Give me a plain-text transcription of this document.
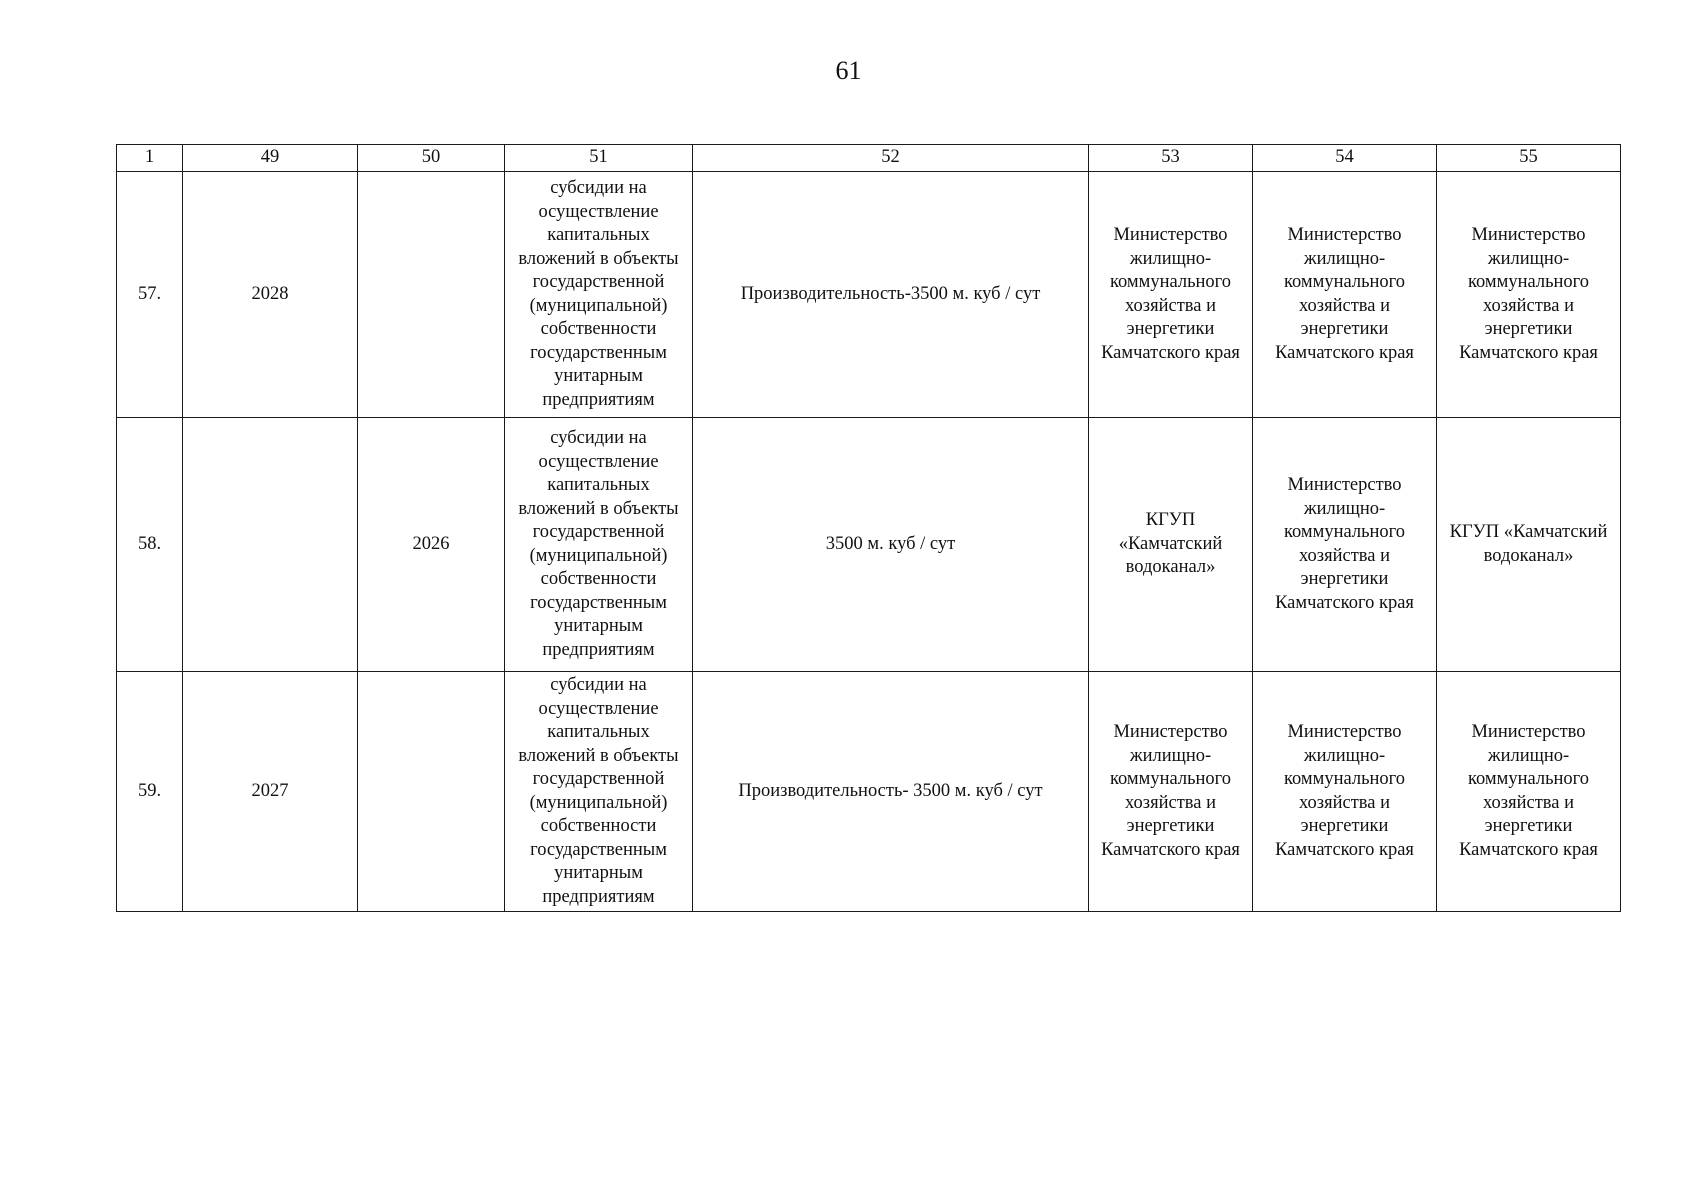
61
1	49	50	51	52	53	54	55
57.	2028		субсидии на осуществление капитальных вложений в объекты государственной (муниципальной) собственности государственным унитарным предприятиям	Производительность-3500 м. куб / сут	Министерство жилищно-коммунального хозяйства и энергетики Камчатского края	Министерство жилищно-коммунального хозяйства и энергетики Камчатского края	Министерство жилищно-коммунального хозяйства и энергетики Камчатского края
58.		2026	субсидии на осуществление капитальных вложений в объекты государственной (муниципальной) собственности государственным унитарным предприятиям	3500 м. куб / сут	КГУП «Камчатский водоканал»	Министерство жилищно-коммунального хозяйства и энергетики Камчатского края	КГУП «Камчатский водоканал»
59.	2027		субсидии на осуществление капитальных вложений в объекты государственной (муниципальной) собственности государственным унитарным предприятиям	Производительность- 3500 м. куб / сут	Министерство жилищно-коммунального хозяйства и энергетики Камчатского края	Министерство жилищно-коммунального хозяйства и энергетики Камчатского края	Министерство жилищно-коммунального хозяйства и энергетики Камчатского края
